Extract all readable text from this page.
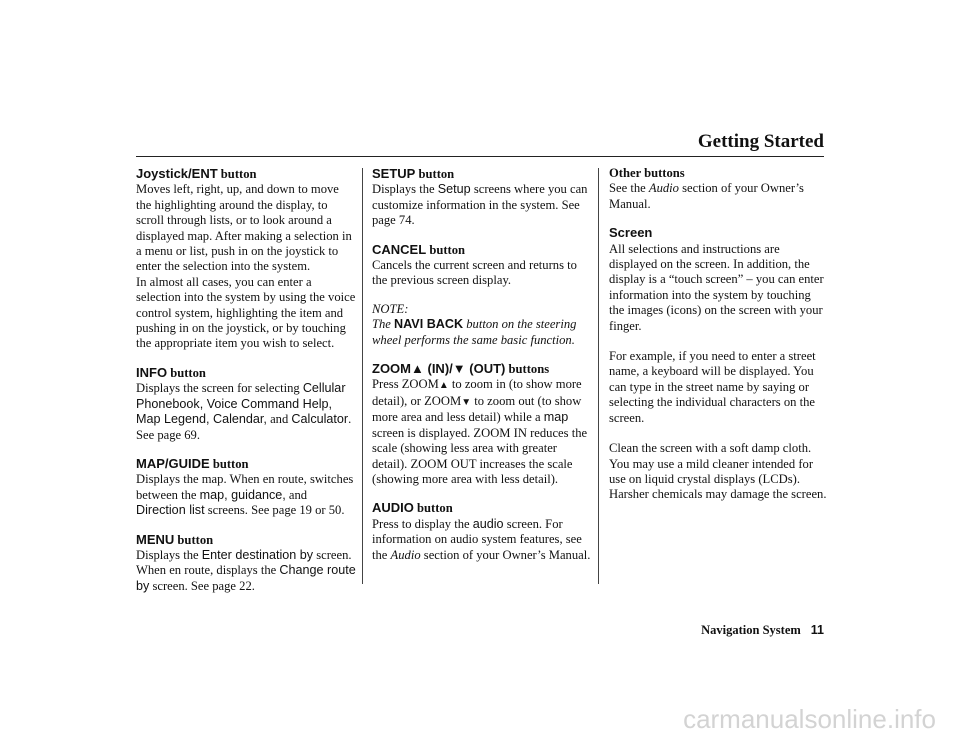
Getting Started
Joystick/ENT button

Moves left, right, up, and down to move the highlighting around the display, to scroll through lists, or to look around a displayed map. After making a selection in a menu or list, push in on the joystick to enter the selection into the system.

In almost all cases, you can enter a selection into the system by using the voice control system, highlighting the item and pushing in on the joystick, or by touching the appropriate item you wish to select.

INFO button

Displays the screen for selecting Cellular Phonebook, Voice Command Help, Map Legend, Calendar, and Calculator. See page 69.

MAP/GUIDE button

Displays the map. When en route, switches between the map, guidance, and Direction list screens. See page 19 or 50.

MENU button

Displays the Enter destination by screen. When en route, displays the Change route by screen. See page 22.

SETUP button

Displays the Setup screens where you can customize information in the system. See page 74.

CANCEL button

Cancels the current screen and returns to the previous screen display.

NOTE:

The NAVI BACK button on the steering wheel performs the same basic function.

ZOOM▲ (IN)/▼ (OUT) buttons

Press ZOOM▲ to zoom in (to show more detail), or ZOOM▼ to zoom out (to show more area and less detail) while a map screen is displayed. ZOOM IN reduces the scale (showing less area with greater detail). ZOOM OUT increases the scale (showing more area with less detail).

AUDIO button

Press to display the audio screen. For information on audio system features, see the Audio section of your Owner’s Manual.

Other buttons

See the Audio section of your Owner’s Manual.

Screen

All selections and instructions are displayed on the screen. In addition, the display is a “touch screen” – you can enter information into the system by touching the images (icons) on the screen with your finger.

For example, if you need to enter a street name, a keyboard will be displayed. You can type in the street name by saying or selecting the individual characters on the screen.

Clean the screen with a soft damp cloth. You may use a mild cleaner intended for use on liquid crystal displays (LCDs). Harsher chemicals may damage the screen.

Navigation System 11
carmanualsonline.info
